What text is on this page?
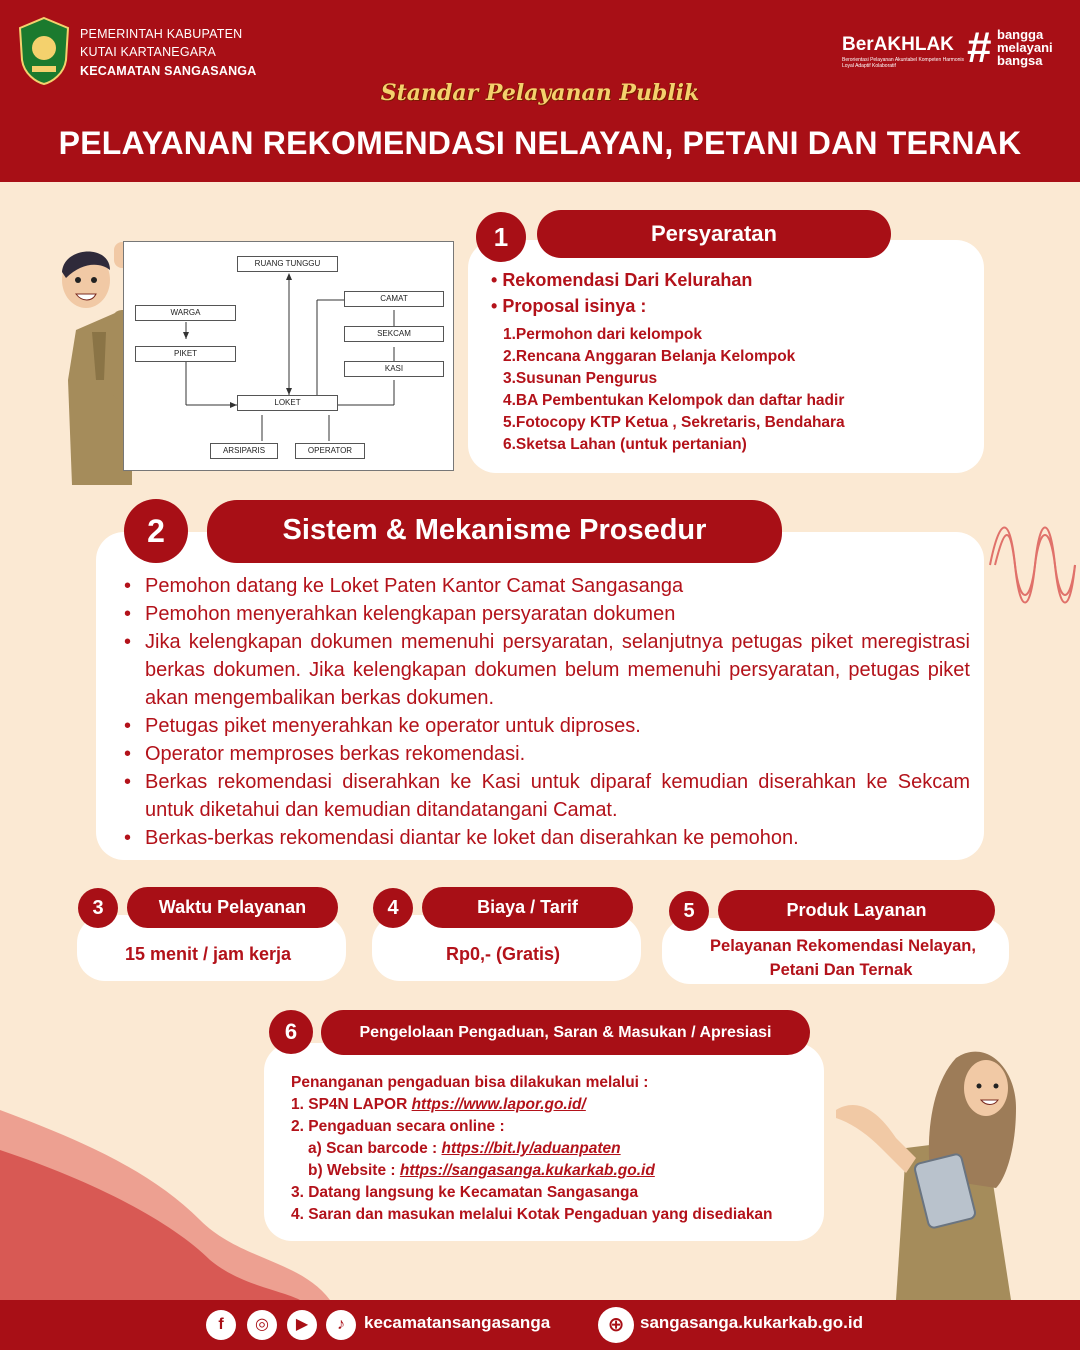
PEMERINTAH KABUPATEN
KUTAI KARTANEGARA
KECAMATAN SANGASANGA
BerAKHLAK
Berorientasi Pelayanan Akuntabel Kompeten Harmonis Loyal Adaptif Kolaboratif	# bangga
melayani
bangsa
Standar Pelayanan Publik
PELAYANAN REKOMENDASI NELAYAN, PETANI DAN TERNAK
RUANG TUNGGU
WARGA
PIKET
LOKET
ARSIPARIS	OPERATOR
CAMAT
SEKCAM
KASI
1	Persyaratan
• Rekomendasi Dari Kelurahan
• Proposal isinya :
1.Permohon dari kelompok
2.Rencana Anggaran Belanja Kelompok
3.Susunan Pengurus
4.BA Pembentukan Kelompok dan daftar hadir
5.Fotocopy KTP Ketua , Sekretaris, Bendahara
6.Sketsa Lahan (untuk pertanian)
2	Sistem & Mekanisme Prosedur
• Pemohon datang ke Loket Paten Kantor Camat Sangasanga
• Pemohon menyerahkan kelengkapan persyaratan dokumen
• Jika kelengkapan dokumen memenuhi persyaratan, selanjutnya petugas piket meregistrasi berkas dokumen. Jika kelengkapan dokumen belum memenuhi persyaratan, petugas piket akan mengembalikan berkas dokumen.
• Petugas piket menyerahkan ke operator untuk diproses.
• Operator memproses berkas rekomendasi.
• Berkas rekomendasi diserahkan ke Kasi untuk diparaf kemudian diserahkan ke Sekcam untuk diketahui dan kemudian ditandatangani Camat.
• Berkas-berkas rekomendasi diantar ke loket dan diserahkan ke pemohon.
3	Waktu Pelayanan
15 menit / jam kerja
4	Biaya / Tarif
Rp0,- (Gratis)
5	Produk Layanan
Pelayanan Rekomendasi Nelayan,
Petani Dan Ternak
6	Pengelolaan Pengaduan, Saran & Masukan / Apresiasi
Penanganan pengaduan bisa dilakukan melalui :
1. SP4N LAPOR https://www.lapor.go.id/
2. Pengaduan secara online :
a) Scan barcode : https://bit.ly/aduanpaten
b) Website : https://sangasanga.kukarkab.go.id
3. Datang langsung ke Kecamatan Sangasanga
4. Saran dan masukan melalui Kotak Pengaduan yang disediakan
f	◎	▶	♪	kecamatansangasanga	⊕ sangasanga.kukarkab.go.id
